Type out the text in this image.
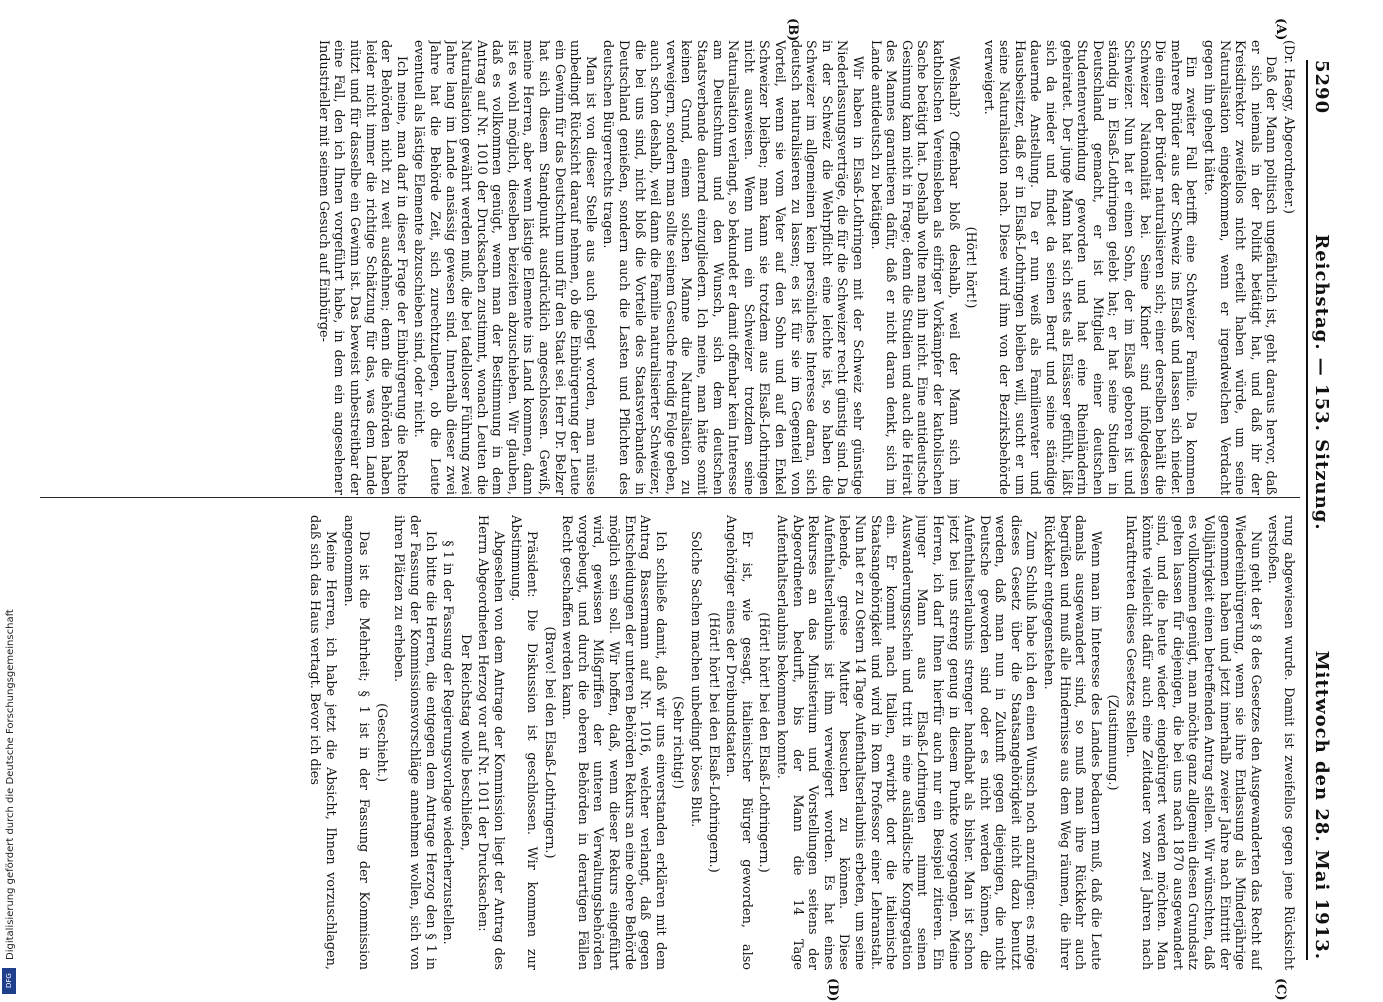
5290
Reichstag. — 153. Sitzung.
Mittwoch den 28. Mai 1913.
(A)
(B)
(C)
(D)

(Dr. Haegy, Abgeordneter.)

Daß der Mann politisch ungefährlich ist, geht daraus hervor, daß er sich niemals in der Politik betätigt hat, und daß ihr der Kreisdirektor zweifellos nicht erteilt haben würde, um seine Naturalisation eingekommen, wenn er irgendwelchen Verdacht gegen ihn gehegt hätte.

Ein zweiter Fall betrifft eine Schweizer Familie. Da kommen mehrere Brüder aus der Schweiz ins Elsaß und lassen sich nieder. Die einen der Brüder naturalisieren sich; einer derselben behält die Schweizer Nationalität bei. Seine Kinder sind infolgedessen Schweizer. Nun hat er einen Sohn, der im Elsaß geboren ist und ständig in Elsaß-Lothringen gelebt hat; er hat seine Studien in Deutschland gemacht, er ist Mitglied einer deutschen Studentenverbindung geworden und hat eine Rheinländerin geheiratet. Der junge Mann hat sich stets als Elsässer gefühlt, läßt sich da nieder und findet da seinen Beruf und seine ständige dauernde Anstellung. Da er nun weiß als Familienvater und Hausbesitzer, daß er in Elsaß-Lothringen bleiben will, sucht er um seine Naturalisation nach. Diese wird ihm von der Bezirksbehörde verweigert.

(Hört! hört!)

Weshalb? Offenbar bloß deshalb, weil der Mann sich im katholischen Vereinsleben als eifriger Vorkämpfer der katholischen Sache betätigt hat. Deshalb wollte man ihn nicht. Eine antideutsche Gesinnung kam nicht in Frage; denn die Studien und auch die Heirat des Mannes garantieren dafür, daß er nicht daran denkt, sich im Lande antideutsch zu betätigen.

Wir haben in Elsaß-Lothringen mit der Schweiz sehr günstige Niederlassungsverträge, die für die Schweizer recht günstig sind. Da in der Schweiz die Wehrpflicht eine leichte ist, so haben die Schweizer im allgemeinen kein persönliches Interesse daran, sich deutsch naturalisieren zu lassen; es ist für sie im Gegenteil von Vorteil, wenn sie vom Vater auf den Sohn und auf den Enkel Schweizer bleiben; man kann sie trotzdem aus Elsaß-Lothringen nicht ausweisen. Wenn nun ein Schweizer trotzdem seine Naturalisation verlangt, so bekundet er damit offenbar kein Interesse am Deutschtum und den Wunsch, sich dem deutschen Staatsverbande dauernd einzugliedern. Ich meine, man hätte somit keinen Grund, einem solchen Manne die Naturalisation zu verweigern, sondern man sollte seinem Gesuche freudig Folge geben, auch schon deshalb, weil dann die Familie naturalisierter Schweizer, die bei uns sind, nicht bloß die Vorteile des Staatsverbandes in Deutschland genießen, sondern auch die Lasten und Pflichten des deutschen Bürgerrechts tragen.

Man ist von dieser Stelle aus auch gelegt worden, man müsse unbedingt Rücksicht darauf nehmen, ob die Einbürgerung der Leute ein Gewinn für das Deutschtum und für den Staat sei. Herr Dr. Belzer hat sich diesem Standpunkt ausdrücklich angeschlossen. Gewiß, meine Herren, aber wenn lästige Elemente ins Land kommen, dann ist es wohl möglich, dieselben beizeiten abzuschieben. Wir glauben, daß es vollkommen genügt, wenn man der Bestimmung in dem Antrag auf Nr. 1010 der Drucksachen zustimmt, wonach Leuten die Naturalisation gewährt werden muß, die bei tadelloser Führung zwei Jahre lang im Lande ansässig gewesen sind. Innerhalb dieser zwei Jahre hat die Behörde Zeit, sich zurechtzulegen, ob die Leute eventuell als lästige Elemente abzuschieben sind, oder nicht.

Ich meine, man darf in dieser Frage der Einbürgerung die Rechte der Behörden nicht zu weit ausdehnen; denn die Behörden haben leider nicht immer die richtige Schätzung für das, was dem Lande nützt und für dasselbe ein Gewinn ist. Das beweist unbestreitbar der eine Fall, den ich Ihnen vorgeführt habe, in dem ein angesehener Industrieller mit seinem Gesuch auf Einbürge-

rung abgewiesen wurde. Damit ist zweifellos gegen jene Rücksicht verstoßen.

Nun geht der § 8 des Gesetzes den Ausgewanderten das Recht auf Wiedereinbürgerung, wenn sie ihre Entlassung als Minderjährige genommen haben und jetzt innerhalb zweier Jahre nach Eintritt der Volljährigkeit einen betreffenden Antrag stellen. Wir wünschten, daß es vollkommen genügt, man möchte ganz allgemein diesen Grundsatz gelten lassen für diejenigen, die bei uns nach 1870 ausgewandert sind, und die heute wieder eingebürgert werden möchten. Man könnte vielleicht dafür auch eine Zeitdauer von zwei Jahren nach Inkrafttreten dieses Gesetzes stellen.

(Zustimmung.)

Wenn man im Interesse des Landes bedauern muß, daß die Leute damals ausgewandert sind, so muß man ihre Rückkehr auch begrüßen und muß alle Hindernisse aus dem Weg räumen, die ihrer Rückkehr entgegenstehen.

Zum Schluß habe ich den einen Wunsch noch anzufügen: es möge dieses Gesetz über die Staatsangehörigkeit nicht dazu benutzt werden, daß man nun in Zukunft gegen diejenigen, die nicht Deutsche geworden sind oder es nicht werden können, die Aufenthaltserlaubnis strenger handhabt als bisher. Man ist schon jetzt bei uns streng genug in diesem Punkte vorgegangen. Meine Herren, ich darf Ihnen hierfür auch nur ein Beispiel zitieren. Ein junger Mann aus Elsaß-Lothringen nimmt seinen Auswanderungsschein und tritt in eine ausländische Kongregation ein. Er kommt nach Italien, erwirbt dort die italienische Staatsangehörigkeit und wird in Rom Professor einer Lehranstalt. Nun hat er zu Ostern 14 Tage Aufenthaltserlaubnis erbeten, um seine lebende, greise Mutter besuchen zu können. Diese Aufenthaltserlaubnis ist ihm verweigert worden. Es hat eines Rekurses an das Ministerium und Vorstellungen seitens der Abgeordneten bedurft, bis der Mann die 14 Tage Aufenthaltserlaubnis bekommen konnte.

(Hört! hört! bei den Elsaß-Lothringern.)

Er ist, wie gesagt, italienischer Bürger geworden, also Angehöriger eines der Dreibundstaaten.

(Hört! hört! bei den Elsaß-Lothringern.)

Solche Sachen machen unbedingt böses Blut.

(Sehr richtig!)

Ich schließe damit, daß wir uns einverstanden erklären mit dem Antrag Bassermann auf Nr. 1016, welcher verlangt, daß gegen Entscheidungen der unteren Behörden Rekurs an eine obere Behörde möglich sein soll. Wir hoffen, daß, wenn dieser Rekurs eingeführt wird, gewissen Mißgriffen der unteren Verwaltungsbehörden vorgebeugt, und durch die oberen Behörden in derartigen Fällen Recht geschaffen werden kann.

(Bravo! bei den Elsaß-Lothringern.)

Präsident: Die Diskussion ist geschlossen. Wir kommen zur Abstimmung.

Abgesehen von dem Antrage der Kommission liegt der Antrag des Herrn Abgeordneten Herzog vor auf Nr. 1011 der Drucksachen:

Der Reichstag wolle beschließen,

§ 1 in der Fassung der Regierungsvorlage wiederherzustellen.

Ich bitte die Herren, die entgegen dem Antrage Herzog den § 1 in der Fassung der Kommissionsvorschläge annehmen wollen, sich von ihren Plätzen zu erheben.

(Geschieht.)

Das ist die Mehrheit; § 1 ist in der Fassung der Kommission angenommen.

Meine Herren, ich habe jetzt die Absicht, Ihnen vorzuschlagen, daß sich das Haus vertagt. Bevor ich dies

Digitalisierung gefördert durch die Deutsche Forschungsgemeinschaft
DFG
